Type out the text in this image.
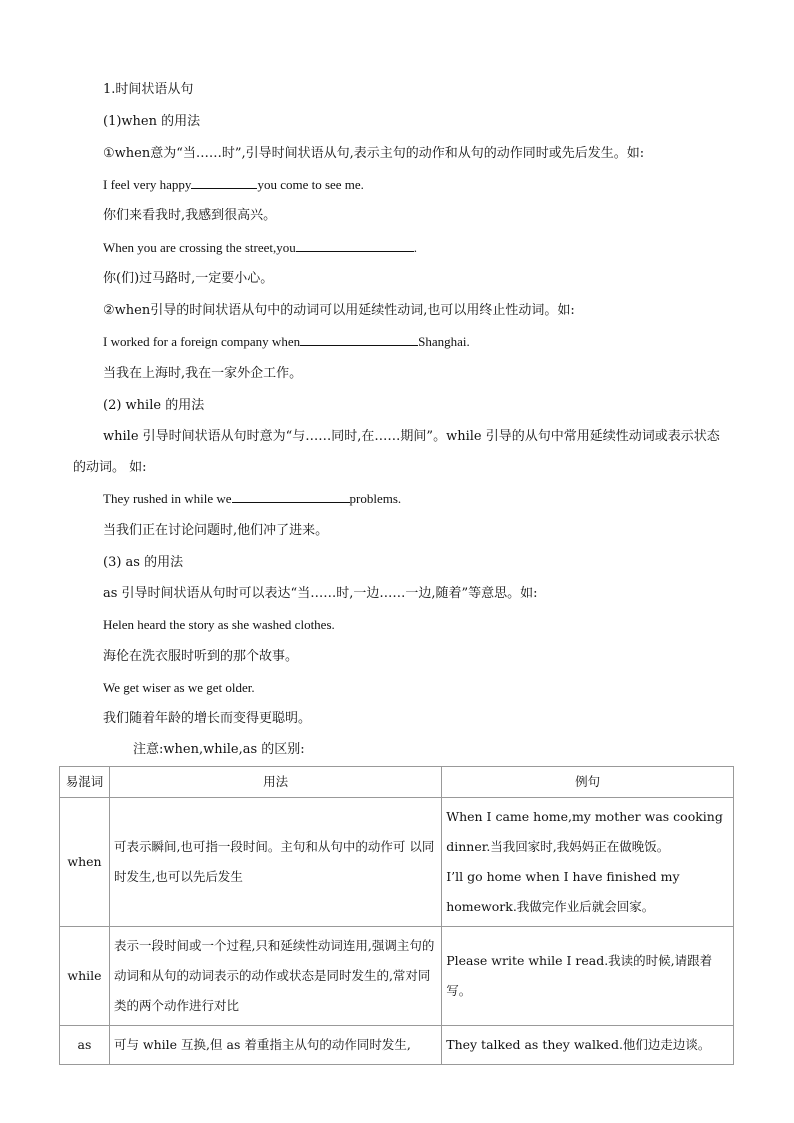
1.时间状语从句
(1)when 的用法
①when意为“当……时”,引导时间状语从句,表示主句的动作和从句的动作同时或先后发生。如:
I feel very happy	you come to see me.
你们来看我时,我感到很高兴。
When you are crossing the street,you	.
你(们)过马路时,一定要小心。
②when引导的时间状语从句中的动词可以用延续性动词,也可以用终止性动词。如:
I worked for a foreign company when	Shanghai.
当我在上海时,我在一家外企工作。
(2) while 的用法
while 引导时间状语从句时意为“与……同时,在……期间”。while 引导的从句中常用延续性动词或表示状态的动词。 如:
They rushed in while we	problems.
当我们正在讨论问题时,他们冲了进来。
(3) as 的用法
as 引导时间状语从句时可以表达“当……时,一边……一边,随着”等意思。如:
Helen heard the story as she washed clothes.
海伦在洗衣服时听到的那个故事。
We get wiser as we get older.
我们随着年龄的增长而变得更聪明。
注意:when,while,as 的区别:
易混词	用法	例句
when	可表示瞬间,也可指一段时间。主句和从句中的动作可 以同时发生,也可以先后发生	When I came home,my mother was cooking dinner.当我回家时,我妈妈正在做晚饭。
I’ll go home when I have finished my homework.我做完作业后就会回家。

while	表示一段时间或一个过程,只和延续性动词连用,强调主句的动词和从句的动词表示的动作或状态是同时发生的,常对同类的两个动作进行对比	Please write while I read.我读的时候,请跟着写。

as	可与 while 互换,但 as 着重指主从句的动作同时发生,	They talked as they walked.他们边走边谈。
